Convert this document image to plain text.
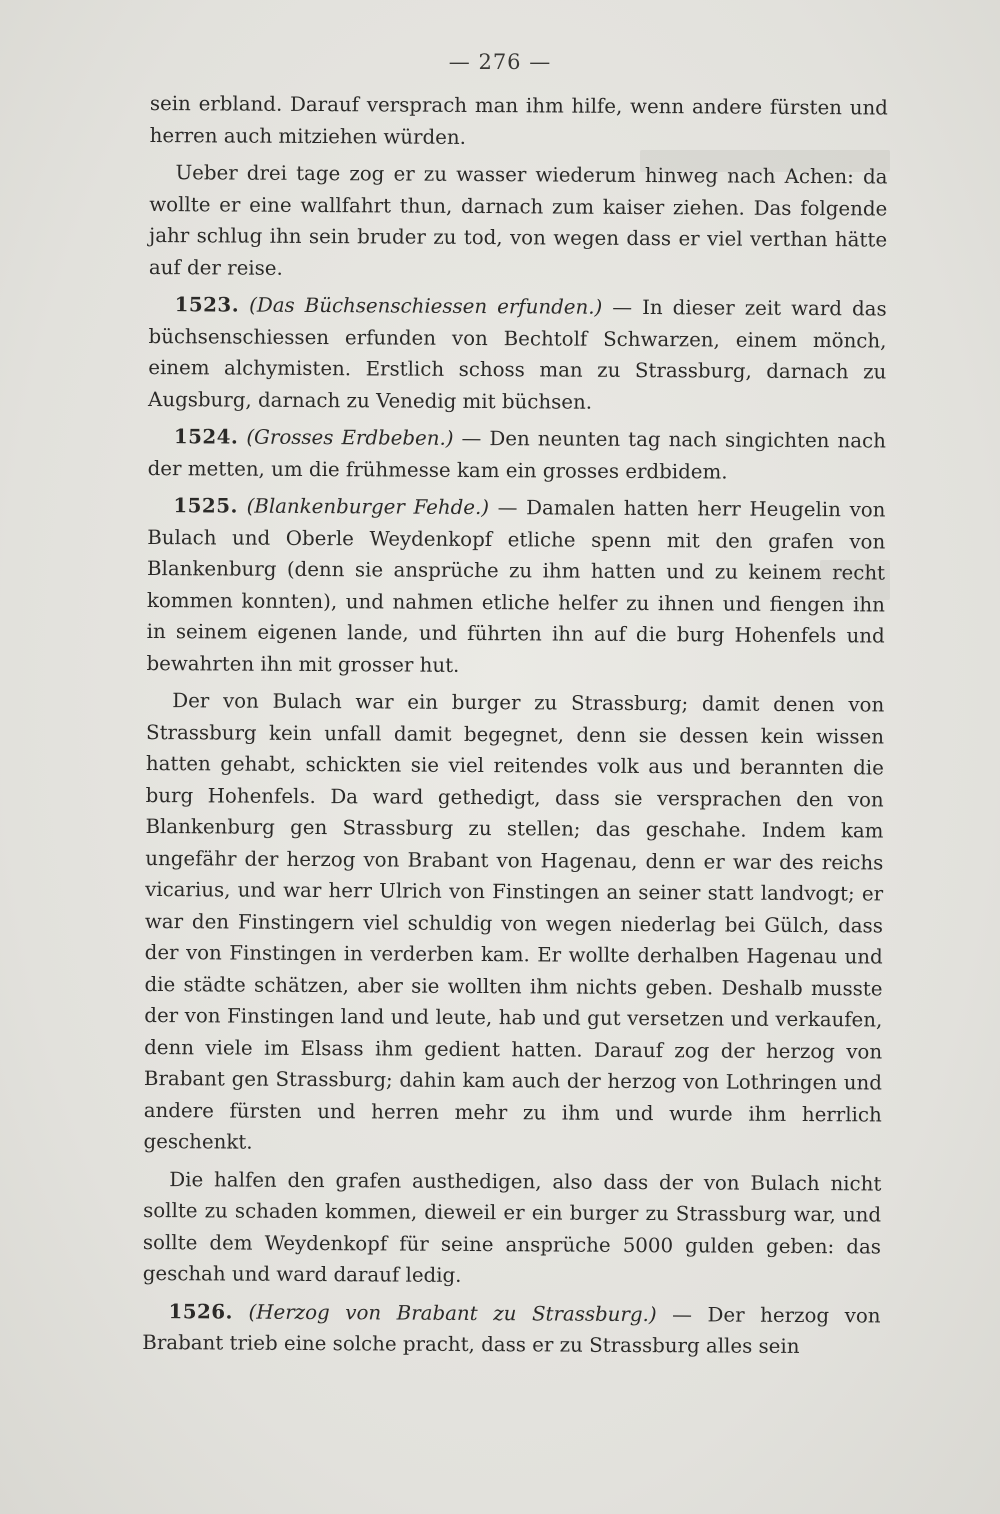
— 276 —

sein erbland. Darauf versprach man ihm hilfe, wenn andere fürsten und herren auch mitziehen würden.

Ueber drei tage zog er zu wasser wiederum hinweg nach Achen: da wollte er eine wallfahrt thun, darnach zum kaiser ziehen. Das folgende jahr schlug ihn sein bruder zu tod, von wegen dass er viel verthan hätte auf der reise.

1523. (Das Büchsenschiessen erfunden.) — In dieser zeit ward das büchsenschiessen erfunden von Bechtolf Schwarzen, einem mönch, einem alchymisten. Erstlich schoss man zu Strassburg, darnach zu Augsburg, darnach zu Venedig mit büchsen.

1524. (Grosses Erdbeben.) — Den neunten tag nach singichten nach der metten, um die frühmesse kam ein grosses erdbidem.

1525. (Blankenburger Fehde.) — Damalen hatten herr Heugelin von Bulach und Oberle Weydenkopf etliche spenn mit den grafen von Blankenburg (denn sie ansprüche zu ihm hatten und zu keinem recht kommen konnten), und nahmen etliche helfer zu ihnen und fiengen ihn in seinem eigenen lande, und führten ihn auf die burg Hohenfels und bewahrten ihn mit grosser hut.

Der von Bulach war ein burger zu Strassburg; damit denen von Strassburg kein unfall damit begegnet, denn sie dessen kein wissen hatten gehabt, schickten sie viel reitendes volk aus und berannten die burg Hohenfels. Da ward gethedigt, dass sie versprachen den von Blankenburg gen Strassburg zu stellen; das geschahe. Indem kam ungefähr der herzog von Brabant von Hagenau, denn er war des reichs vicarius, und war herr Ulrich von Finstingen an seiner statt landvogt; er war den Finstingern viel schuldig von wegen niederlag bei Gülch, dass der von Finstingen in verderben kam. Er wollte derhalben Hagenau und die städte schätzen, aber sie wollten ihm nichts geben. Deshalb musste der von Finstingen land und leute, hab und gut versetzen und verkaufen, denn viele im Elsass ihm gedient hatten. Darauf zog der herzog von Brabant gen Strassburg; dahin kam auch der herzog von Lothringen und andere fürsten und herren mehr zu ihm und wurde ihm herrlich geschenkt.

Die halfen den grafen austhedigen, also dass der von Bulach nicht sollte zu schaden kommen, dieweil er ein burger zu Strassburg war, und sollte dem Weydenkopf für seine ansprüche 5000 gulden geben: das geschah und ward darauf ledig.

1526. (Herzog von Brabant zu Strassburg.) — Der herzog von Brabant trieb eine solche pracht, dass er zu Strassburg alles sein
